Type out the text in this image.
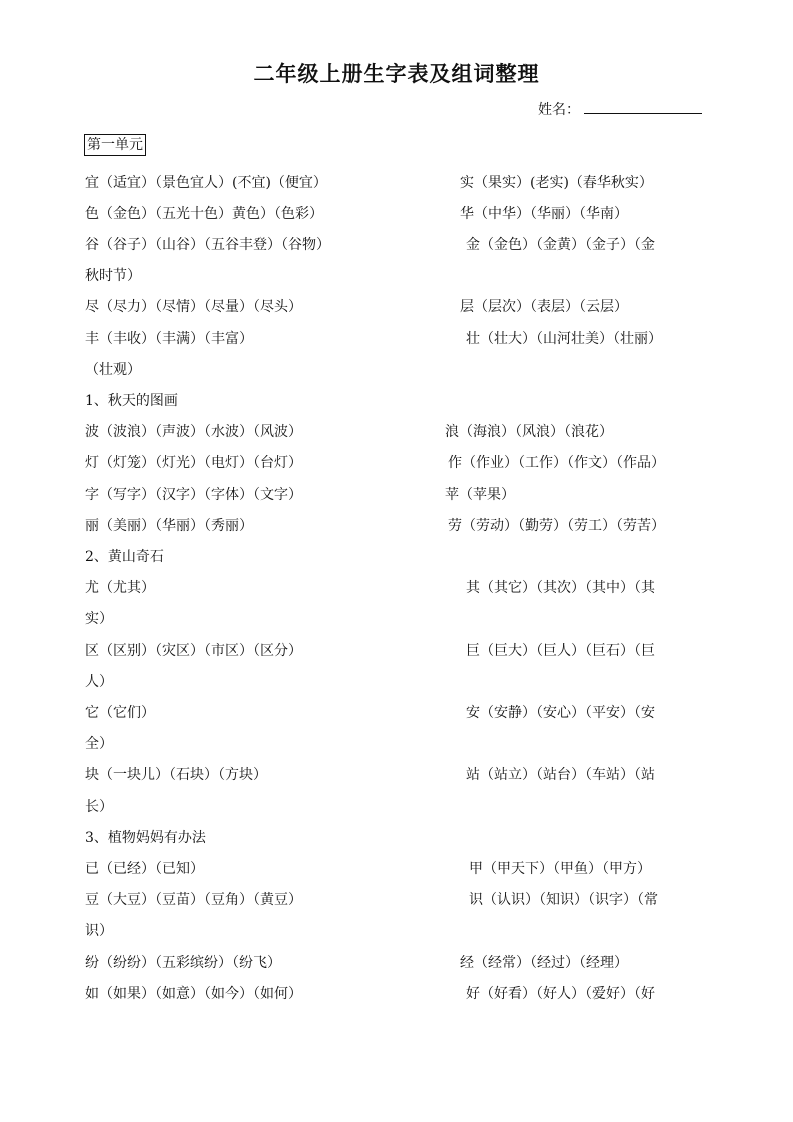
二年级上册生字表及组词整理
姓名：
第一单元
宜（适宜）（景色宜人）(不宜)（便宜）	实（果实）(老实)（春华秋实）
色（金色）（五光十色）黄色）（色彩）	华（中华）（华丽）（华南）
谷（谷子）（山谷）（五谷丰登）（谷物）	金（金色）（金黄）（金子）（金
秋时节）
尽（尽力）（尽情）（尽量）（尽头）	层（层次）（表层）（云层）
丰（丰收）（丰满）（丰富）	壮（壮大）（山河壮美）（壮丽）
（壮观）
1、秋天的图画
波（波浪）（声波）（水波）（风波）	浪（海浪）（风浪）（浪花）
灯（灯笼）（灯光）（电灯）（台灯）	作（作业）（工作）（作文）（作品）
字（写字）（汉字）（字体）（文字）	苹（苹果）
丽（美丽）（华丽）（秀丽）	劳（劳动）（勤劳）（劳工）（劳苦）
2、黄山奇石
尤（尤其）	其（其它）（其次）（其中）（其
实）
区（区别）（灾区）（市区）（区分）	巨（巨大）（巨人）（巨石）（巨
人）
它（它们）	安（安静）（安心）（平安）（安
全）
块（一块儿）（石块）（方块）	站（站立）（站台）（车站）（站
长）
3、植物妈妈有办法
已（已经）（已知）	甲（甲天下）（甲鱼）（甲方）
豆（大豆）（豆苗）（豆角）（黄豆）	识（认识）（知识）（识字）（常
识）
纷（纷纷）（五彩缤纷）（纷飞）	经（经常）（经过）（经理）
如（如果）（如意）（如今）（如何）	好（好看）（好人）（爱好）（好
